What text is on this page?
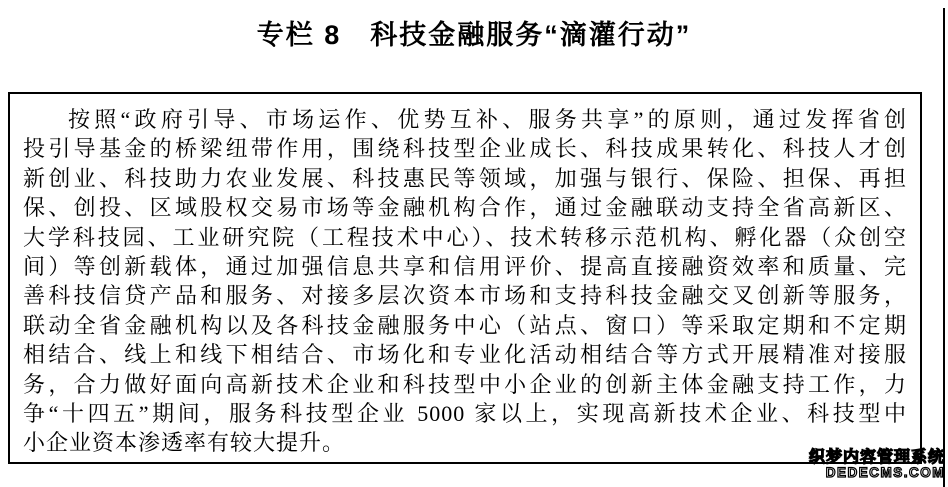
专栏 8　科技金融服务“滴灌行动”
按照“政府引导、市场运作、优势互补、服务共享”的原则，通过发挥省创
投引导基金的桥梁纽带作用，围绕科技型企业成长、科技成果转化、科技人才创
新创业、科技助力农业发展、科技惠民等领域，加强与银行、保险、担保、再担
保、创投、区域股权交易市场等金融机构合作，通过金融联动支持全省高新区、
大学科技园、工业研究院（工程技术中心）、技术转移示范机构、孵化器（众创空
间）等创新载体，通过加强信息共享和信用评价、提高直接融资效率和质量、完
善科技信贷产品和服务、对接多层次资本市场和支持科技金融交叉创新等服务，
联动全省金融机构以及各科技金融服务中心（站点、窗口）等采取定期和不定期
相结合、线上和线下相结合、市场化和专业化活动相结合等方式开展精准对接服
务，合力做好面向高新技术企业和科技型中小企业的创新主体金融支持工作，力
争“十四五”期间，服务科技型企业 5000 家以上，实现高新技术企业、科技型中
小企业资本渗透率有较大提升。
织梦内容管理系统
DEDECMS.COM
